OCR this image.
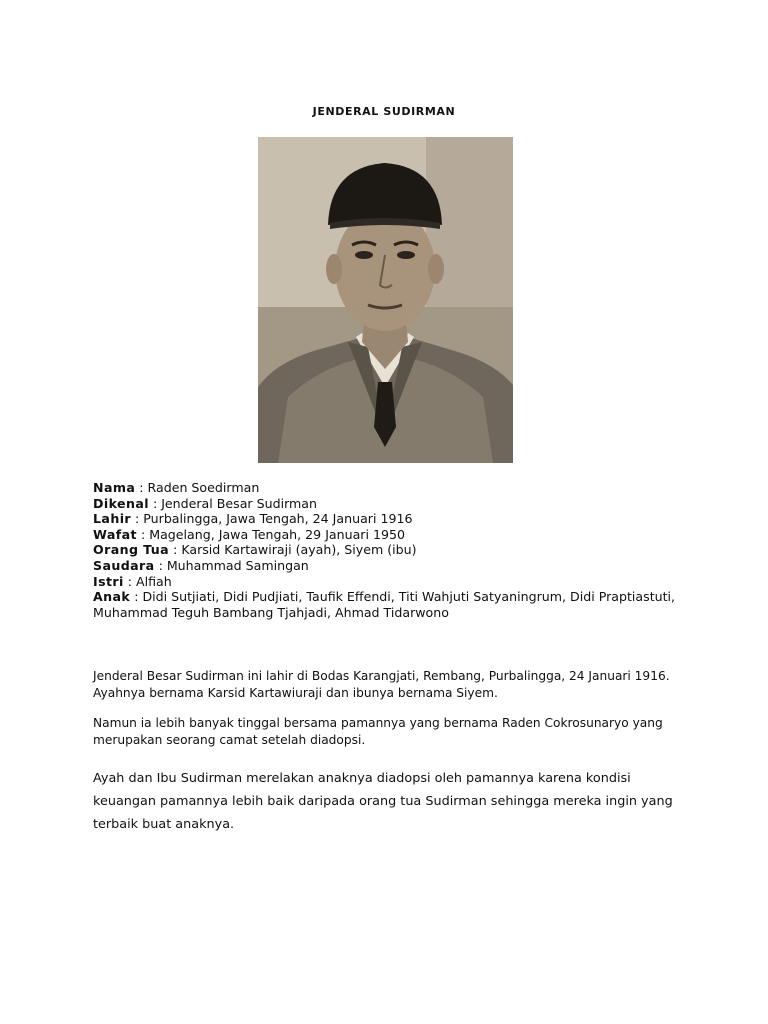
JENDERAL SUDIRMAN
Nama : Raden Soedirman
Dikenal : Jenderal Besar Sudirman
Lahir : Purbalingga, Jawa Tengah, 24 Januari 1916
Wafat : Magelang, Jawa Tengah, 29 Januari 1950
Orang Tua : Karsid Kartawiraji (ayah), Siyem (ibu)
Saudara : Muhammad Samingan
Istri : Alfiah
Anak : Didi Sutjiati, Didi Pudjiati, Taufik Effendi, Titi Wahjuti Satyaningrum, Didi Praptiastuti, Muhammad Teguh Bambang Tjahjadi, Ahmad Tidarwono

Jenderal Besar Sudirman ini lahir di Bodas Karangjati, Rembang, Purbalingga, 24 Januari 1916. Ayahnya bernama Karsid Kartawiuraji dan ibunya bernama Siyem.

Namun ia lebih banyak tinggal bersama pamannya yang bernama Raden Cokrosunaryo yang merupakan seorang camat setelah diadopsi.

Ayah dan Ibu Sudirman merelakan anaknya diadopsi oleh pamannya karena kondisi keuangan pamannya lebih baik daripada orang tua Sudirman sehingga mereka ingin yang terbaik buat anaknya.
